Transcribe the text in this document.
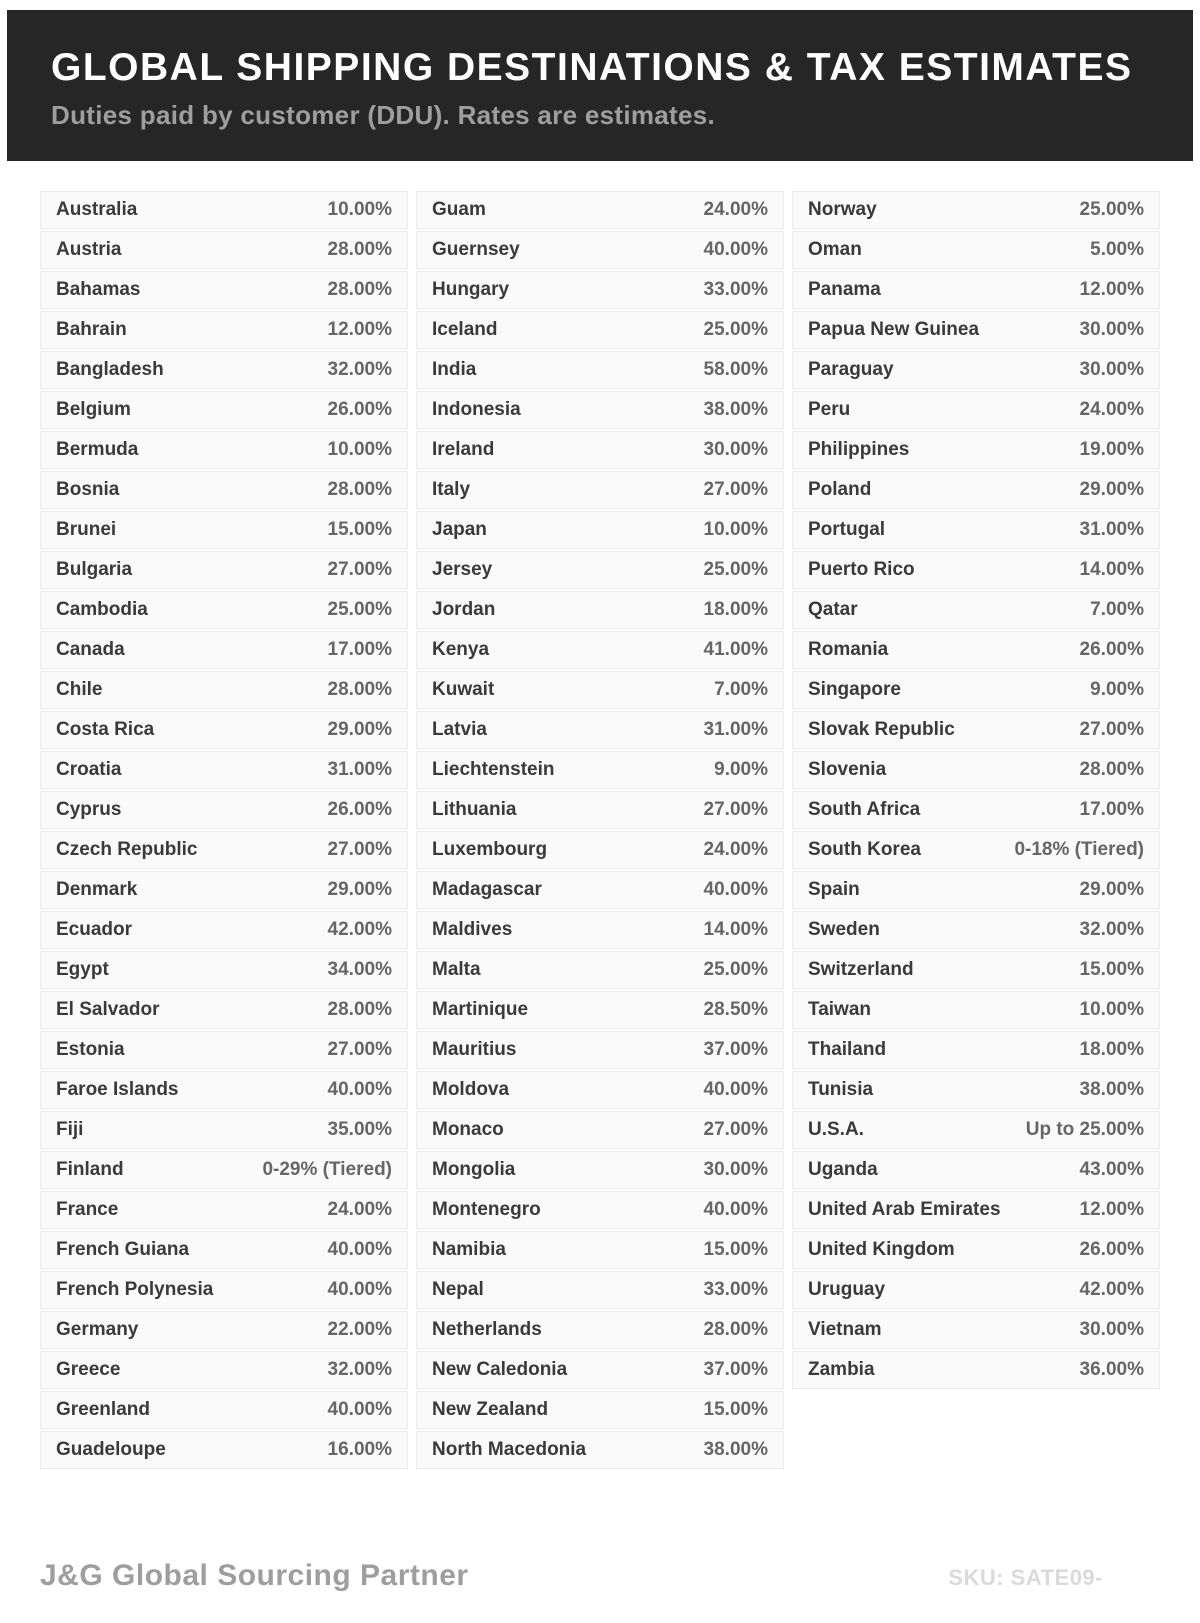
GLOBAL SHIPPING DESTINATIONS & TAX ESTIMATES

Duties paid by customer (DDU). Rates are estimates.

Australia	10.00%
Austria	28.00%
Bahamas	28.00%
Bahrain	12.00%
Bangladesh	32.00%
Belgium	26.00%
Bermuda	10.00%
Bosnia	28.00%
Brunei	15.00%
Bulgaria	27.00%
Cambodia	25.00%
Canada	17.00%
Chile	28.00%
Costa Rica	29.00%
Croatia	31.00%
Cyprus	26.00%
Czech Republic	27.00%
Denmark	29.00%
Ecuador	42.00%
Egypt	34.00%
El Salvador	28.00%
Estonia	27.00%
Faroe Islands	40.00%
Fiji	35.00%
Finland	0-29% (Tiered)
France	24.00%
French Guiana	40.00%
French Polynesia	40.00%
Germany	22.00%
Greece	32.00%
Greenland	40.00%
Guadeloupe	16.00%
Guam	24.00%
Guernsey	40.00%
Hungary	33.00%
Iceland	25.00%
India	58.00%
Indonesia	38.00%
Ireland	30.00%
Italy	27.00%
Japan	10.00%
Jersey	25.00%
Jordan	18.00%
Kenya	41.00%
Kuwait	7.00%
Latvia	31.00%
Liechtenstein	9.00%
Lithuania	27.00%
Luxembourg	24.00%
Madagascar	40.00%
Maldives	14.00%
Malta	25.00%
Martinique	28.50%
Mauritius	37.00%
Moldova	40.00%
Monaco	27.00%
Mongolia	30.00%
Montenegro	40.00%
Namibia	15.00%
Nepal	33.00%
Netherlands	28.00%
New Caledonia	37.00%
New Zealand	15.00%
North Macedonia	38.00%
Norway	25.00%
Oman	5.00%
Panama	12.00%
Papua New Guinea	30.00%
Paraguay	30.00%
Peru	24.00%
Philippines	19.00%
Poland	29.00%
Portugal	31.00%
Puerto Rico	14.00%
Qatar	7.00%
Romania	26.00%
Singapore	9.00%
Slovak Republic	27.00%
Slovenia	28.00%
South Africa	17.00%
South Korea	0-18% (Tiered)
Spain	29.00%
Sweden	32.00%
Switzerland	15.00%
Taiwan	10.00%
Thailand	18.00%
Tunisia	38.00%
U.S.A.	Up to 25.00%
Uganda	43.00%
United Arab Emirates	12.00%
United Kingdom	26.00%
Uruguay	42.00%
Vietnam	30.00%
Zambia	36.00%
J&G Global Sourcing Partner	SKU: SATE09-
